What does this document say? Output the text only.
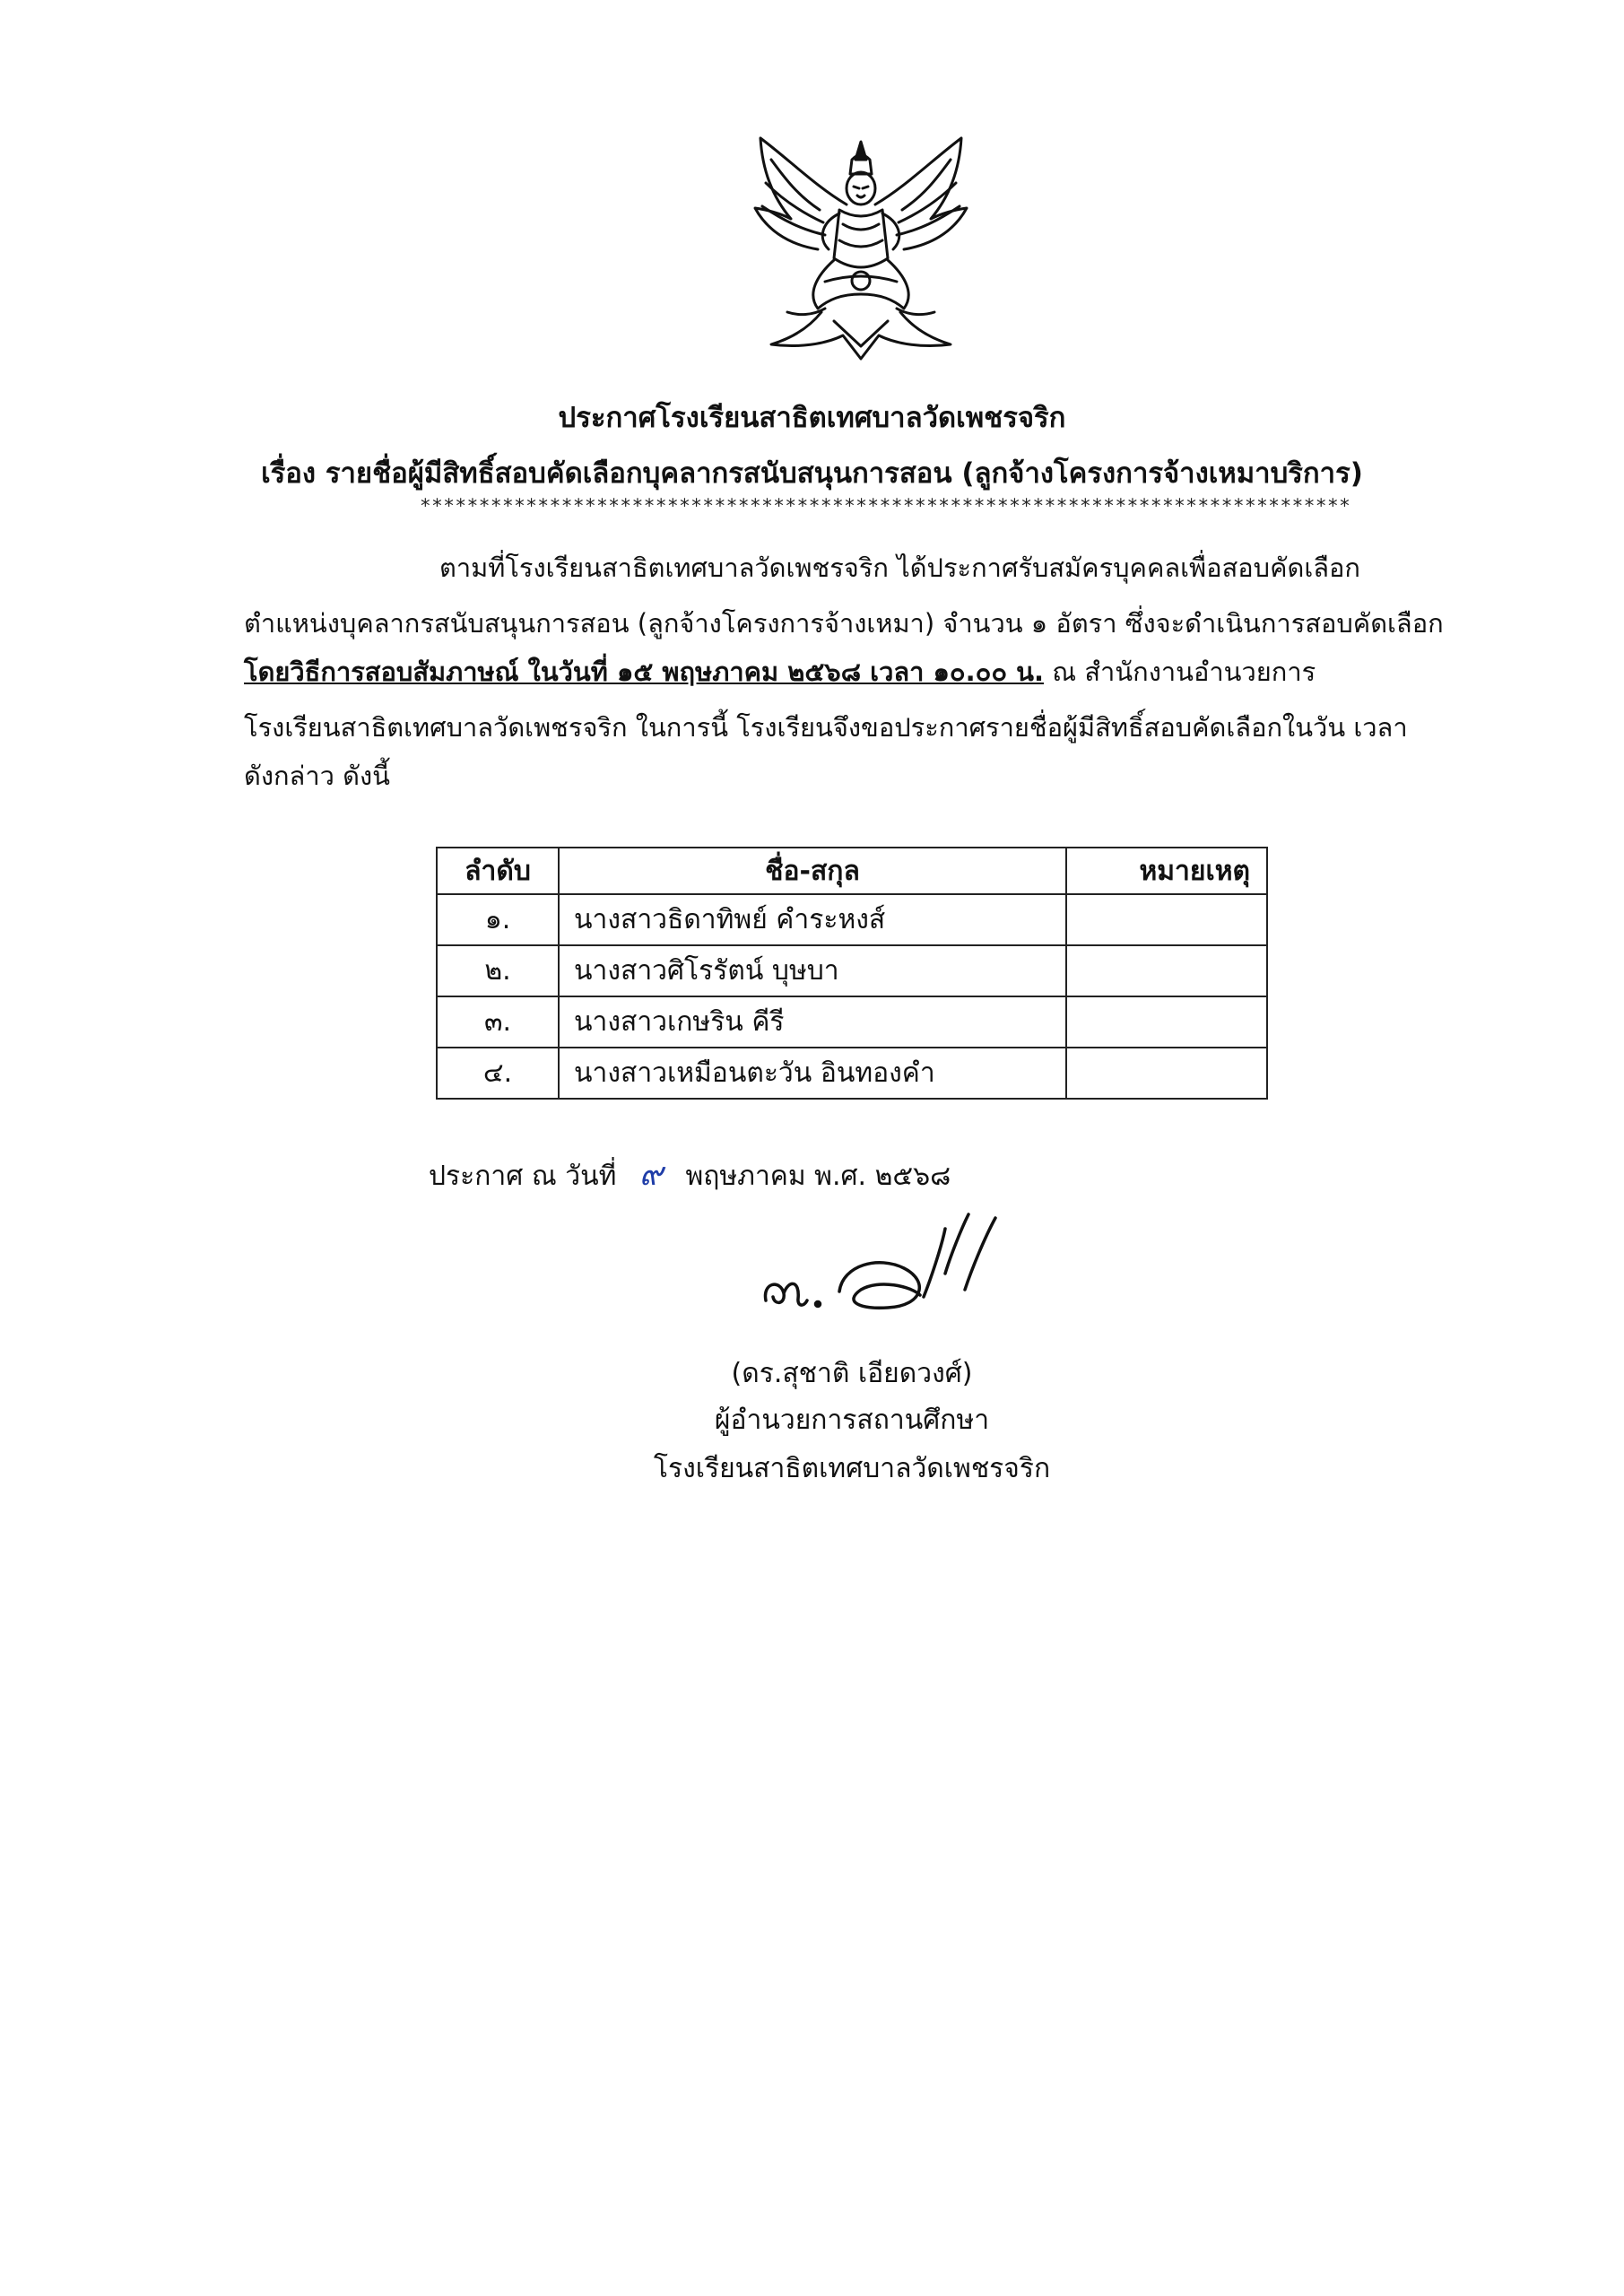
ประกาศโรงเรียนสาธิตเทศบาลวัดเพชรจริก
เรื่อง รายชื่อผู้มีสิทธิ์สอบคัดเลือกบุคลากรสนับสนุนการสอน (ลูกจ้างโครงการจ้างเหมาบริการ)
*******************************************************************************
ตามที่โรงเรียนสาธิตเทศบาลวัดเพชรจริก ได้ประกาศรับสมัครบุคคลเพื่อสอบคัดเลือก
ตำแหน่งบุคลากรสนับสนุนการสอน (ลูกจ้างโครงการจ้างเหมา) จำนวน ๑ อัตรา ซึ่งจะดำเนินการสอบคัดเลือก
โดยวิธีการสอบสัมภาษณ์ ในวันที่ ๑๕ พฤษภาคม ๒๕๖๘ เวลา ๑๐.๐๐ น. ณ สำนักงานอำนวยการ
โรงเรียนสาธิตเทศบาลวัดเพชรจริก ในการนี้ โรงเรียนจึงขอประกาศรายชื่อผู้มีสิทธิ์สอบคัดเลือกในวัน เวลา
ดังกล่าว ดังนี้
ลำดับ	ชื่อ-สกุล	หมายเหตุ
๑.	นางสาวธิดาทิพย์ คำระหงส์	
๒.	นางสาวศิโรรัตน์ บุษบา	
๓.	นางสาวเกษริน คีรี	
๔.	นางสาวเหมือนตะวัน อินทองคำ	
ประกาศ ณ วันที่ ๙ พฤษภาคม พ.ศ. ๒๕๖๘
(ดร.สุชาติ เอียดวงศ์)
ผู้อำนวยการสถานศึกษา
โรงเรียนสาธิตเทศบาลวัดเพชรจริก
